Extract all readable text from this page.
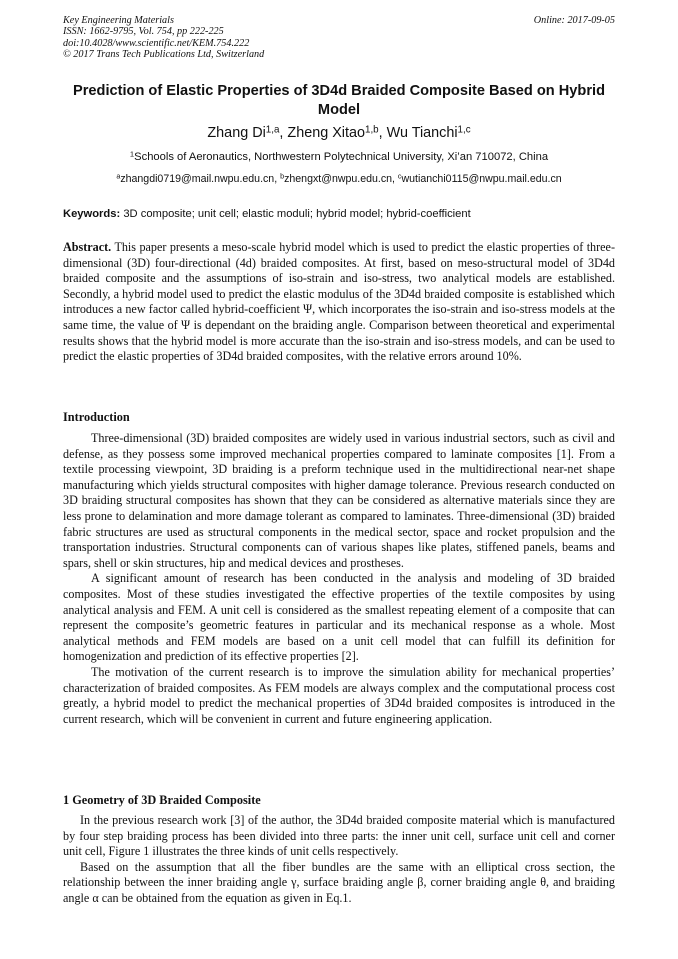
Key Engineering Materials
ISSN: 1662-9795, Vol. 754, pp 222-225
doi:10.4028/www.scientific.net/KEM.754.222
© 2017 Trans Tech Publications Ltd, Switzerland
Online: 2017-09-05
Prediction of Elastic Properties of 3D4d Braided Composite Based on Hybrid Model
Zhang Di$^{1,a}$, Zheng Xitao$^{1,b}$, Wu Tianchi$^{1,c}$
$^1$Schools of Aeronautics, Northwestern Polytechnical University, Xi’an 710072, China
$^a$zhangdi0719@mail.nwpu.edu.cn, $^b$zhengxt@nwpu.edu.cn, $^c$wutianchi0115@nwpu.mail.edu.cn
Keywords: 3D composite; unit cell; elastic moduli; hybrid model; hybrid-coefficient

Abstract. This paper presents a meso-scale hybrid model which is used to predict the elastic properties of three-dimensional (3D) four-directional (4d) braided composites. At first, based on meso-structural model of 3D4d braided composite and the assumptions of iso-strain and iso-stress, two analytical models are established. Secondly, a hybrid model used to predict the elastic modulus of the 3D4d braided composite is established which introduces a new factor called hybrid-coefficient Ψ, which incorporates the iso-strain and iso-stress models at the same time, the value of Ψ is dependant on the braiding angle. Comparison between theoretical and experimental results shows that the hybrid model is more accurate than the iso-strain and iso-stress models, and can be used to predict the elastic properties of 3D4d braided composites, with the relative errors around 10%.

Introduction

Three-dimensional (3D) braided composites are widely used in various industrial sectors, such as civil and defense, as they possess some improved mechanical properties compared to laminate composites [1]. From a textile processing viewpoint, 3D braiding is a preform technique used in the multidirectional near-net shape manufacturing which yields structural composites with higher damage tolerance. Previous research conducted on 3D braiding structural composites has shown that they can be considered as alternative materials since they are less prone to delamination and more damage tolerant as compared to laminates. Three-dimensional (3D) braided fabric structures are used as structural components in the medical sector, space and rocket propulsion and the transportation industries. Structural components can of various shapes like plates, stiffened panels, beams and spars, shell or skin structures, hip and medical devices and prostheses.

A significant amount of research has been conducted in the analysis and modeling of 3D braided composites. Most of these studies investigated the effective properties of the textile composites by using analytical analysis and FEM. A unit cell is considered as the smallest repeating element of a composite that can represent the composite’s geometric features in particular and its mechanical response as a whole. Most analytical methods and FEM models are based on a unit cell model that can fulfill its definition for homogenization and prediction of its effective properties [2].

The motivation of the current research is to improve the simulation ability for mechanical properties’ characterization of braided composites. As FEM models are always complex and the computational process cost greatly, a hybrid model to predict the mechanical properties of 3D4d braided composites is introduced in the current research, which will be convenient in current and future engineering application.

1 Geometry of 3D Braided Composite

In the previous research work [3] of the author, the 3D4d braided composite material which is manufactured by four step braiding process has been divided into three parts: the inner unit cell, surface unit cell and corner unit cell, Figure 1 illustrates the three kinds of unit cells respectively.

Based on the assumption that all the fiber bundles are the same with an elliptical cross section, the relationship between the inner braiding angle γ, surface braiding angle β, corner braiding angle θ, and braiding angle α can be obtained from the equation as given in Eq.1.
